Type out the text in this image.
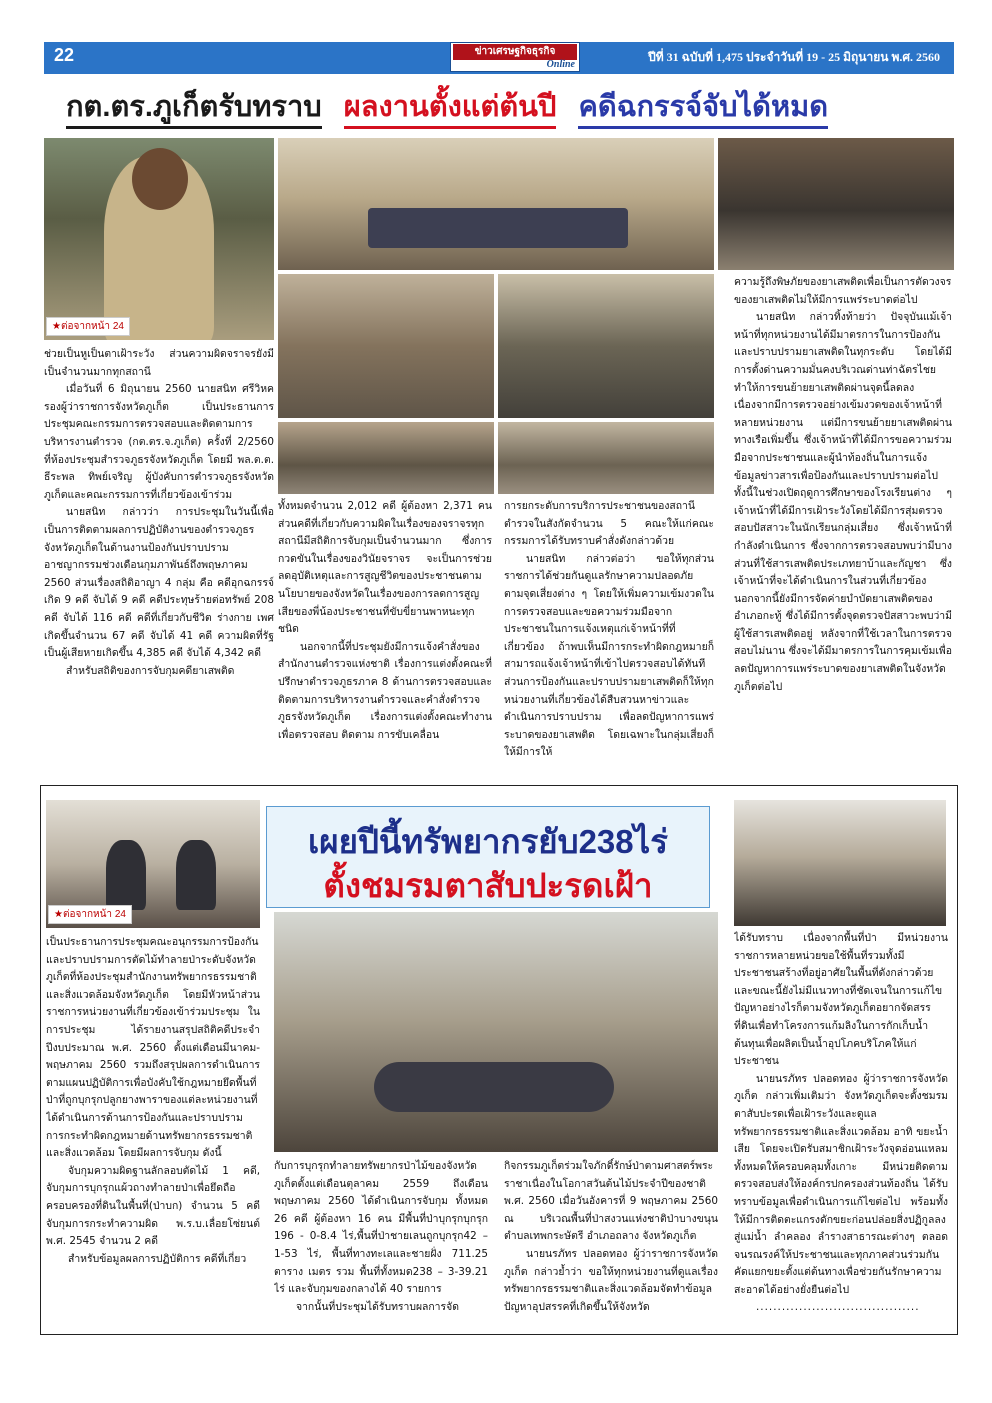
22	ข่าวเศรษฐกิจธุรกิจ
Online
ปีที่ 31 ฉบับที่ 1,475 ประจำวันที่ 19 - 25 มิถุนายน พ.ศ. 2560
กต.ตร.ภูเก็ตรับทราบ ผลงานตั้งแต่ต้นปี คดีฉกรรจ์จับได้หมด
★ต่อจากหน้า 24

ช่วยเป็นหูเป็นตาเฝ้าระวัง ส่วนความผิดจราจรยังมีเป็นจำนวนมากทุกสถานี

เมื่อวันที่ 6 มิถุนายน 2560 นายสนิท ศรีวิหค รองผู้ว่าราชการจังหวัดภูเก็ต เป็นประธานการประชุมคณะกรรมการตรวจสอบและติดตามการบริหารงานตำรวจ (กต.ตร.จ.ภูเก็ต) ครั้งที่ 2/2560 ที่ห้องประชุมสำรวจภูธรจังหวัดภูเก็ต โดยมี พล.ต.ต. ธีระพล ทิพย์เจริญ ผู้บังคับการตำรวจภูธรจังหวัดภูเก็ตและคณะกรรมการที่เกี่ยวข้องเข้าร่วม

นายสนิท กล่าวว่า การประชุมในวันนี้เพื่อเป็นการติดตามผลการปฏิบัติงานของตำรวจภูธรจังหวัดภูเก็ตในด้านงานป้องกันปราบปรามอาชญากรรมช่วงเดือนกุมภาพันธ์ถึงพฤษภาคม 2560 ส่วนเรื่องสถิติอาญา 4 กลุ่ม คือ คดีอุกฉกรรจ์ เกิด 9 คดี จับได้ 9 คดี คดีประทุษร้ายต่อทรัพย์ 208 คดี จับได้ 116 คดี คดีที่เกี่ยวกับชีวิต ร่างกาย เพศ เกิดขึ้นจำนวน 67 คดี จับได้ 41 คดี ความผิดที่รัฐเป็นผู้เสียหายเกิดขึ้น 4,385 คดี จับได้ 4,342 คดี

สำหรับสถิติของการจับกุมคดียาเสพติด

ทั้งหมดจำนวน 2,012 คดี ผู้ต้องหา 2,371 คน ส่วนคดีที่เกี่ยวกับความผิดในเรื่องของจราจรทุกสถานีมีสถิติการจับกุมเป็นจำนวนมาก ซึ่งการกวดขันในเรื่องของวินัยจราจร จะเป็นการช่วยลดอุบัติเหตุและการสูญชีวิตของประชาชนตามนโยบายของจังหวัดในเรื่องของการลดการสูญเสียของพี่น้องประชาชนที่ขับขี่ยานพาหนะทุกชนิด

นอกจากนี้ที่ประชุมยังมีการแจ้งคำสั่งของสำนักงานตำรวจแห่งชาติ เรื่องการแต่งตั้งคณะที่ปรึกษาตำรวจภูธรภาค 8 ด้านการตรวจสอบและติดตามการบริหารงานตำรวจและคำสั่งตำรวจภูธรจังหวัดภูเก็ต เรื่องการแต่งตั้งคณะทำงานเพื่อตรวจสอบ ติดตาม การขับเคลื่อน

การยกระดับการบริการประชาชนของสถานีตำรวจในสังกัดจำนวน 5 คณะให้แก่คณะกรรมการได้รับทราบคำสั่งดังกล่าวด้วย

นายสนิท กล่าวต่อว่า ขอให้ทุกส่วนราชการได้ช่วยกันดูแลรักษาความปลอดภัย ตามจุดเสี่ยงต่าง ๆ โดยให้เพิ่มความเข้มงวดในการตรวจสอบและขอความร่วมมือจากประชาชนในการแจ้งเหตุแก่เจ้าหน้าที่ที่เกี่ยวข้อง ถ้าพบเห็นมีการกระทำผิดกฎหมายก็สามารถแจ้งเจ้าหน้าที่เข้าไปตรวจสอบได้ทันที ส่วนการป้องกันและปราบปรามยาเสพติดก็ให้ทุกหน่วยงานที่เกี่ยวข้องได้สืบสวนหาข่าวและดำเนินการปราบปราม เพื่อลดปัญหาการแพร่ระบาดของยาเสพติด โดยเฉพาะในกลุ่มเสี่ยงก็ให้มีการให้

ความรู้ถึงพิษภัยของยาเสพติดเพื่อเป็นการตัดวงจรของยาเสพติดไม่ให้มีการแพร่ระบาดต่อไป

นายสนิท กล่าวทิ้งท้ายว่า ปัจจุบันแม้เจ้าหน้าที่ทุกหน่วยงานได้มีมาตรการในการป้องกันและปราบปรามยาเสพติดในทุกระดับ โดยได้มีการตั้งด่านความมั่นคงบริเวณด่านท่าฉัตรไชย ทำให้การขนย้ายยาเสพติดผ่านจุดนี้ลดลง เนื่องจากมีการตรวจอย่างเข้มงวดของเจ้าหน้าที่หลายหน่วยงาน แต่มีการขนย้ายยาเสพติดผ่านทางเรือเพิ่มขึ้น ซึ่งเจ้าหน้าที่ได้มีการขอความร่วมมือจากประชาชนและผู้นำท้องถิ่นในการแจ้งข้อมูลข่าวสารเพื่อป้องกันและปราบปรามต่อไป ทั้งนี้ในช่วงเปิดฤดูการศึกษาของโรงเรียนต่าง ๆ เจ้าหน้าที่ได้มีการเฝ้าระวังโดยได้มีการสุ่มตรวจสอบปัสสาวะในนักเรียนกลุ่มเสี่ยง ซึ่งเจ้าหน้าที่กำลังดำเนินการ ซึ่งจากการตรวจสอบพบว่ามีบางส่วนที่ใช้สารเสพติดประเภทยาบ้าและกัญชา ซึ่งเจ้าหน้าที่จะได้ดำเนินการในส่วนที่เกี่ยวข้อง นอกจากนี้ยังมีการจัดค่ายบำบัดยาเสพติดของอำเภอกะทู้ ซึ่งได้มีการตั้งจุดตรวจปัสสาวะพบว่ามีผู้ใช้สารเสพติดอยู่ หลังจากที่ใช้เวลาในการตรวจสอบไม่นาน ซึ่งจะได้มีมาตรการในการคุมเข้มเพื่อลดปัญหาการแพร่ระบาดของยาเสพติดในจังหวัดภูเก็ตต่อไป

เผยปีนี้ทรัพยากรยับ238ไร่
ตั้งชมรมตาสับปะรดเฝ้า
★ต่อจากหน้า 24

เป็นประธานการประชุมคณะอนุกรรมการป้องกันและปราบปรามการตัดไม้ทำลายป่าระดับจังหวัดภูเก็ตที่ห้องประชุมสำนักงานทรัพยากรธรรมชาติและสิ่งแวดล้อมจังหวัดภูเก็ต โดยมีหัวหน้าส่วนราชการหน่วยงานที่เกี่ยวข้องเข้าร่วมประชุม ในการประชุม ได้รายงานสรุปสถิติคดีประจำปีงบประมาณ พ.ศ. 2560 ตั้งแต่เดือนมีนาคม-พฤษภาคม 2560 รวมถึงสรุปผลการดำเนินการตามแผนปฏิบัติการเพื่อบังคับใช้กฎหมายยึดพื้นที่ป่าที่ถูกบุกรุกปลูกยางพาราของแต่ละหน่วยงานที่ได้ดำเนินการด้านการป้องกันและปราบปรามการกระทำผิดกฎหมายด้านทรัพยากรธรรมชาติและสิ่งแวดล้อม โดยมีผลการจับกุม ดังนี้

จับกุมความผิดฐานลักลอบตัดไม้ 1 คดี, จับกุมการบุกรุกแผ้วถางทำลายป่าเพื่อยึดถือครอบครองที่ดินในพื้นที่(ป่าบก) จำนวน 5 คดี จับกุมการกระทำความผิด พ.ร.บ.เลื่อยโซ่ยนต์พ.ศ. 2545 จำนวน 2 คดี

สำหรับข้อมูลผลการปฏิบัติการ คดีที่เกี่ยว

กับการบุกรุกทำลายทรัพยากรป่าไม้ของจังหวัดภูเก็ตตั้งแต่เดือนตุลาคม 2559 ถึงเดือนพฤษภาคม 2560 ได้ดำเนินการจับกุม ทั้งหมด 26 คดี ผู้ต้องหา 16 คน มีพื้นที่ป่าบุกรุกบุกรุก 196 - 0-8.4 ไร่,พื้นที่ป่าชายเลนถูกบุกรุก42 – 1-53 ไร่, พื้นที่ทางทะเลและชายฝั่ง 711.25 ตาราง เมตร รวม พื้นที่ทั้งหมด238 – 3-39.21 ไร่ และจับกุมของกลางได้ 40 รายการ

จากนั้นที่ประชุมได้รับทราบผลการจัด

กิจกรรมภูเก็ตร่วมใจภักดิ์รักษ์ป่าตามศาสตร์พระราชาเนื่องในโอกาสวันต้นไม้ประจำปีของชาติ พ.ศ. 2560 เมื่อวันอังคารที่ 9 พฤษภาคม 2560 ณ บริเวณพื้นที่ป่าสงวนแห่งชาติป่าบางขนุนตำบลเทพกระษัตรี อำเภอถลาง จังหวัดภูเก็ต

นายนรภัทร ปลอดทอง ผู้ว่าราชการจังหวัดภูเก็ต กล่าวย้ำว่า ขอให้ทุกหน่วยงานที่ดูแลเรื่องทรัพยากรธรรมชาติและสิ่งแวดล้อมจัดทำข้อมูลปัญหาอุปสรรคที่เกิดขึ้นให้จังหวัด

ได้รับทราบ เนื่องจากพื้นที่ป่า มีหน่วยงานราชการหลายหน่วยขอใช้พื้นที่รวมทั้งมีประชาชนสร้างที่อยู่อาศัยในพื้นที่ดังกล่าวด้วย และขณะนี้ยังไม่มีแนวทางที่ชัดเจนในการแก้ไขปัญหาอย่างไรก็ตามจังหวัดภูเก็ตอยากจัดสรรที่ดินเพื่อทำโครงการแก้มลิงในการกักเก็บน้ำต้นทุนเพื่อผลิตเป็นน้ำอุปโภคบริโภคให้แก่ประชาชน

นายนรภัทร ปลอดทอง ผู้ว่าราชการจังหวัดภูเก็ต กล่าวเพิ่มเติมว่า จังหวัดภูเก็ตจะตั้งชมรมตาสับปะรดเพื่อเฝ้าระวังและดูแลทรัพยากรธรรมชาติและสิ่งแวดล้อม อาทิ ขยะน้ำเสีย โดยจะเปิดรับสมาชิกเฝ้าระวังจุดอ่อนแหลมทั้งหมดให้ครอบคลุมทั้งเกาะ มีหน่วยติดตามตรวจสอบส่งให้องค์กรปกครองส่วนท้องถิ่น ได้รับทราบข้อมูลเพื่อดำเนินการแก้ไขต่อไป พร้อมทั้งให้มีการติดตะแกรงดักขยะก่อนปล่อยสิ่งปฏิกูลลงสู่แม่น้ำ ลำคลอง ลำรางสาธารณะต่างๆ ตลอดจนรณรงค์ให้ประชาชนและทุกภาคส่วนร่วมกันคัดแยกขยะตั้งแต่ต้นทางเพื่อช่วยกันรักษาความสะอาดได้อย่างยั่งยืนต่อไป

......................................
